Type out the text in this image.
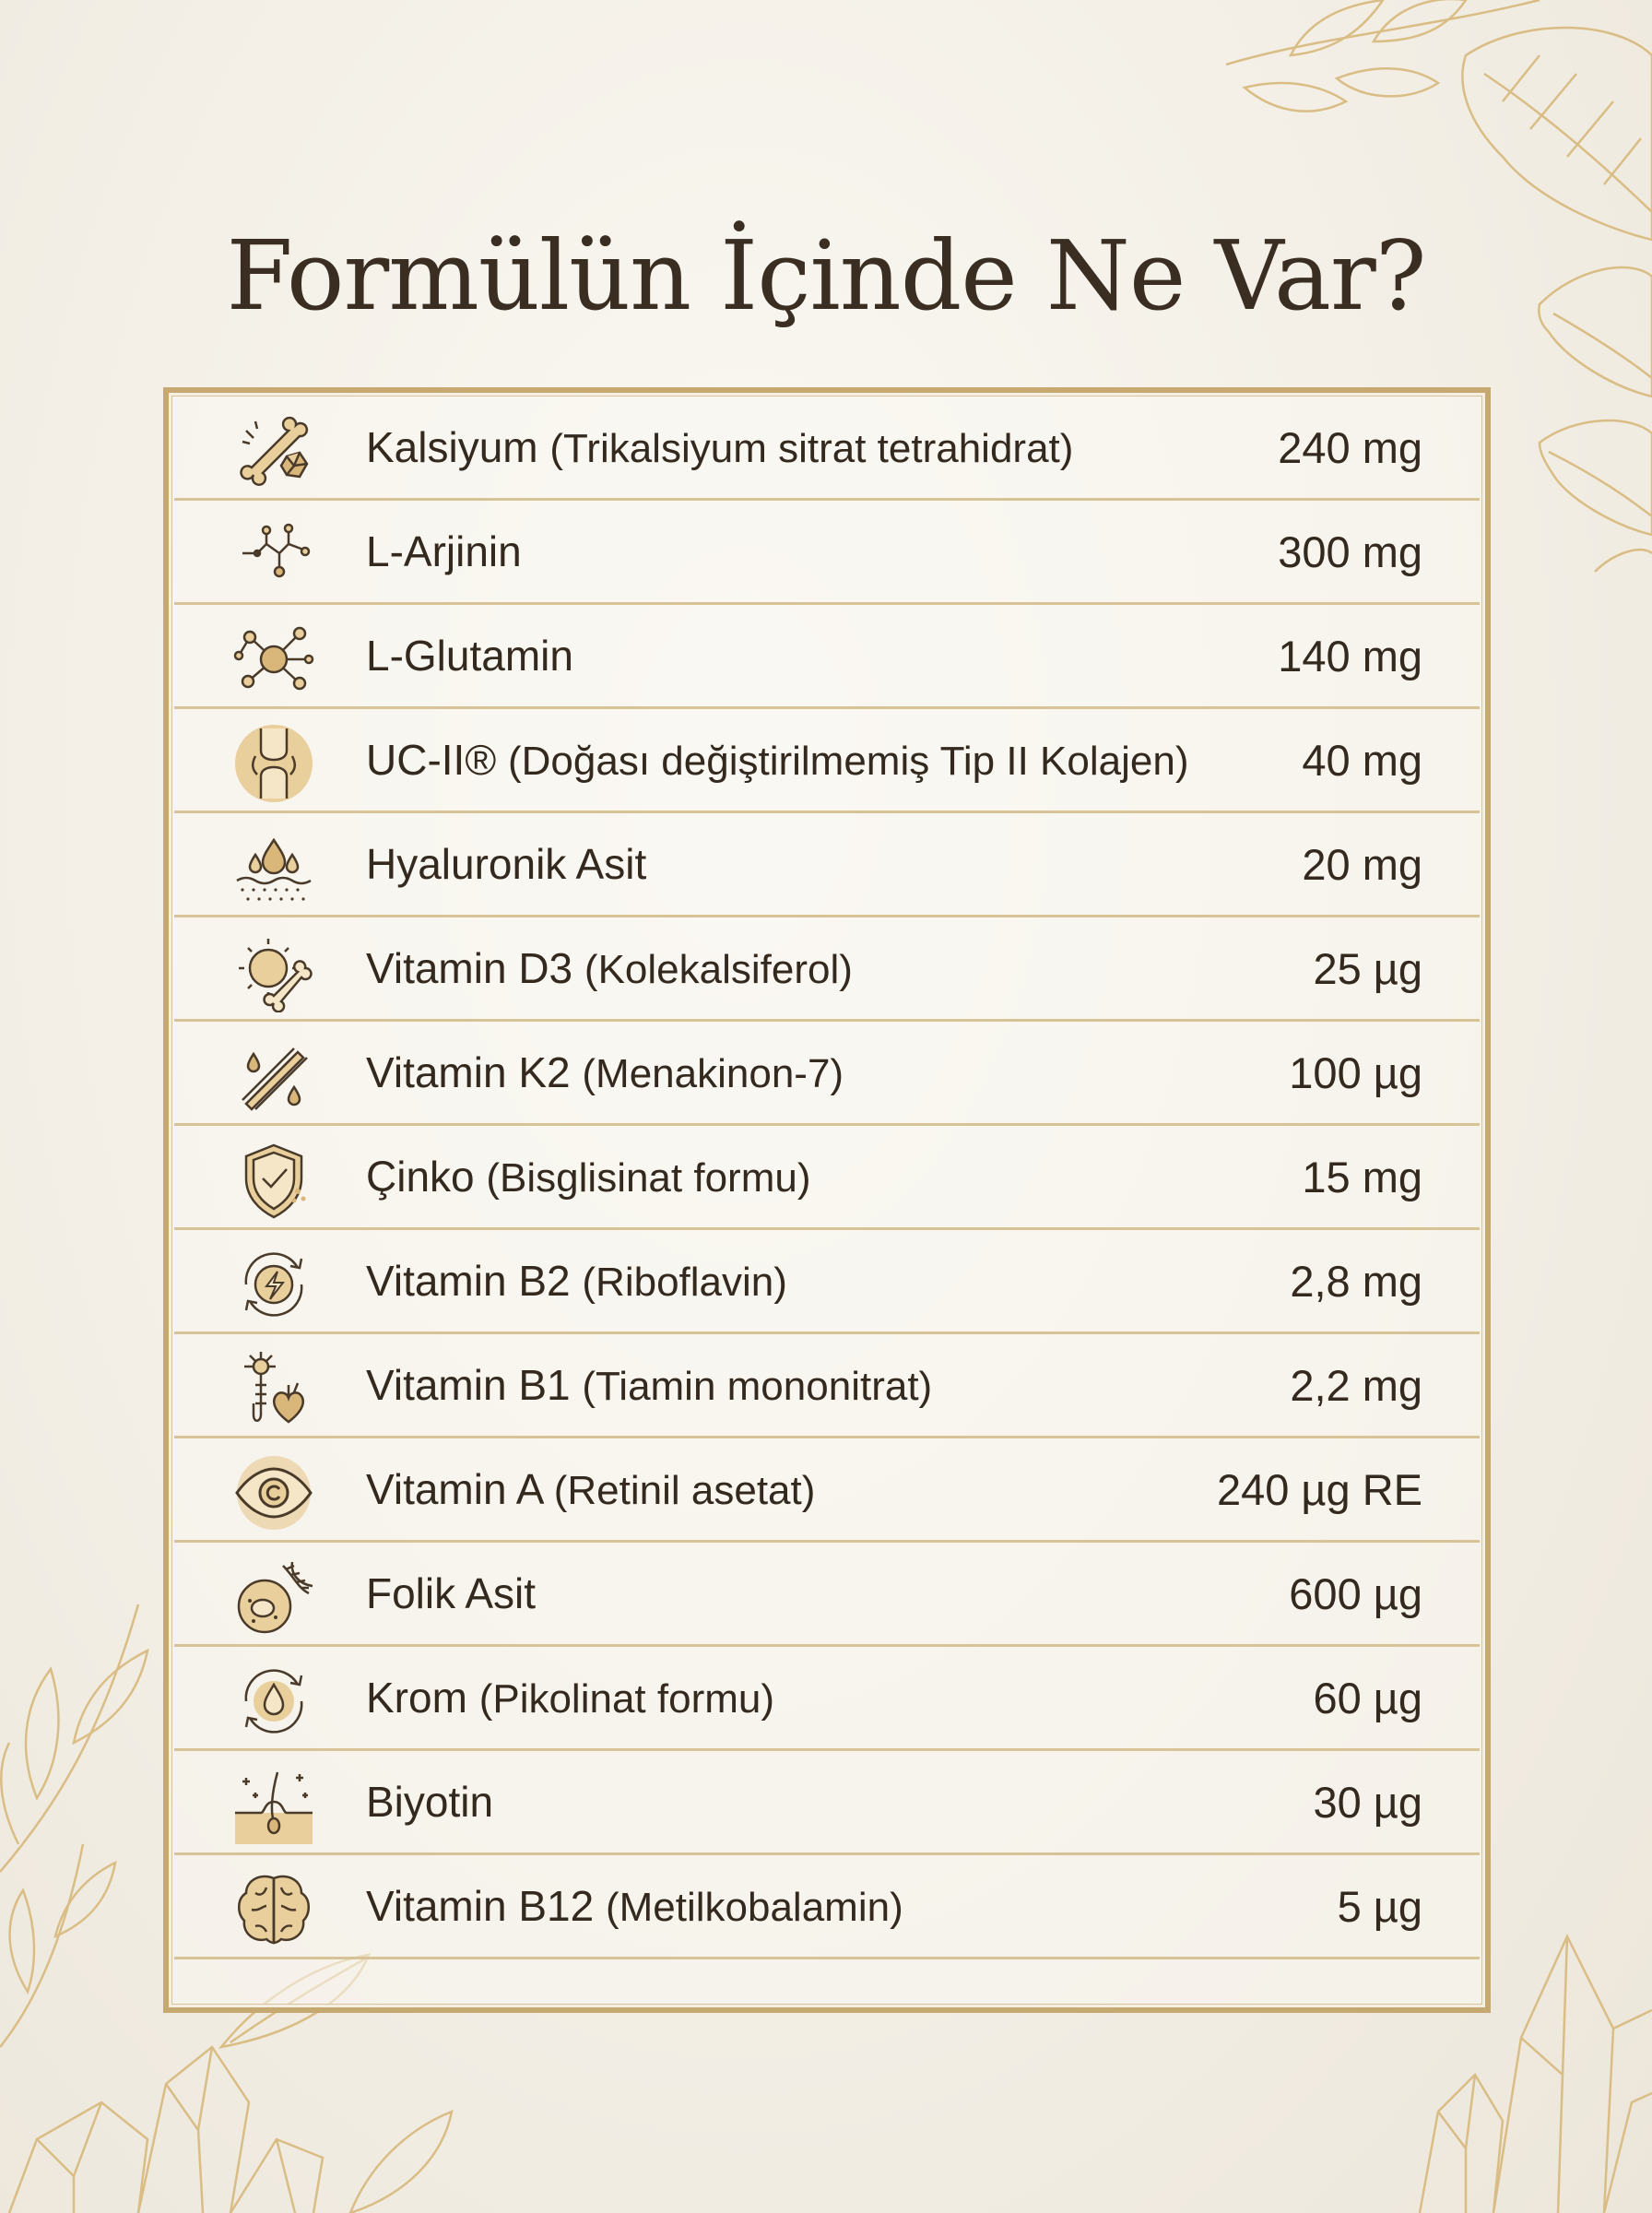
Formülün İçinde Ne Var?
Kalsiyum (Trikalsiyum sitrat tetrahidrat)	240 mg
L-Arjinin	300 mg
L-Glutamin	140 mg
UC-II® (Doğası değiştirilmemiş Tip II Kolajen)	40 mg
Hyaluronik Asit	20 mg
Vitamin D3 (Kolekalsiferol)	25 µg
Vitamin K2 (Menakinon-7)	100 µg
Çinko (Bisglisinat formu)	15 mg
Vitamin B2 (Riboflavin)	2,8 mg
Vitamin B1 (Tiamin mononitrat)	2,2 mg
Vitamin A (Retinil asetat)	240 µg RE
Folik Asit	600 µg
Krom (Pikolinat formu)	60 µg
Biyotin	30 µg
Vitamin B12 (Metilkobalamin)	5 µg
